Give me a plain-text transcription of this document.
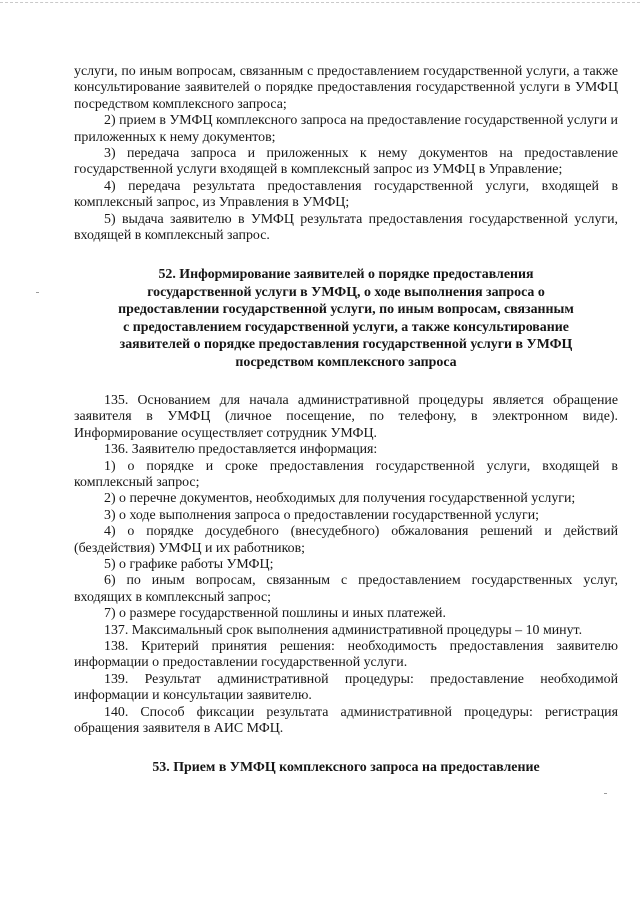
услуги, по иным вопросам, связанным с предоставлением государственной услуги, а также консультирование заявителей о порядке предоставления государственной услуги в УМФЦ посредством комплексного запроса;

2) прием в УМФЦ комплексного запроса на предоставление государственной услуги и приложенных к нему документов;

3) передача запроса и приложенных к нему документов на предоставление государственной услуги входящей в комплексный запрос из УМФЦ в Управление;

4) передача результата предоставления государственной услуги, входящей в комплексный запрос, из Управления в УМФЦ;

5) выдача заявителю в УМФЦ результата предоставления государственной услуги, входящей в комплексный запрос.

52. Информирование заявителей о порядке предоставления государственной услуги в УМФЦ, о ходе выполнения запроса о предоставлении государственной услуги, по иным вопросам, связанным с предоставлением государственной услуги, а также консультирование заявителей о порядке предоставления государственной услуги в УМФЦ посредством комплексного запроса

135. Основанием для начала административной процедуры является обращение заявителя в УМФЦ (личное посещение, по телефону, в электронном виде). Информирование осуществляет сотрудник УМФЦ.

136. Заявителю предоставляется информация:

1) о порядке и сроке предоставления государственной услуги, входящей в комплексный запрос;

2) о перечне документов, необходимых для получения государственной услуги;

3) о ходе выполнения запроса о предоставлении государственной услуги;

4) о порядке досудебного (внесудебного) обжалования решений и действий (бездействия) УМФЦ и их работников;

5) о графике работы УМФЦ;

6) по иным вопросам, связанным с предоставлением государственных услуг, входящих в комплексный запрос;

7) о размере государственной пошлины и иных платежей.

137. Максимальный срок выполнения административной процедуры – 10 минут.

138. Критерий принятия решения: необходимость предоставления заявителю информации о предоставлении государственной услуги.

139. Результат административной процедуры: предоставление необходимой информации и консультации заявителю.

140. Способ фиксации результата административной процедуры: регистрация обращения заявителя в АИС МФЦ.

53. Прием в УМФЦ комплексного запроса на предоставление
